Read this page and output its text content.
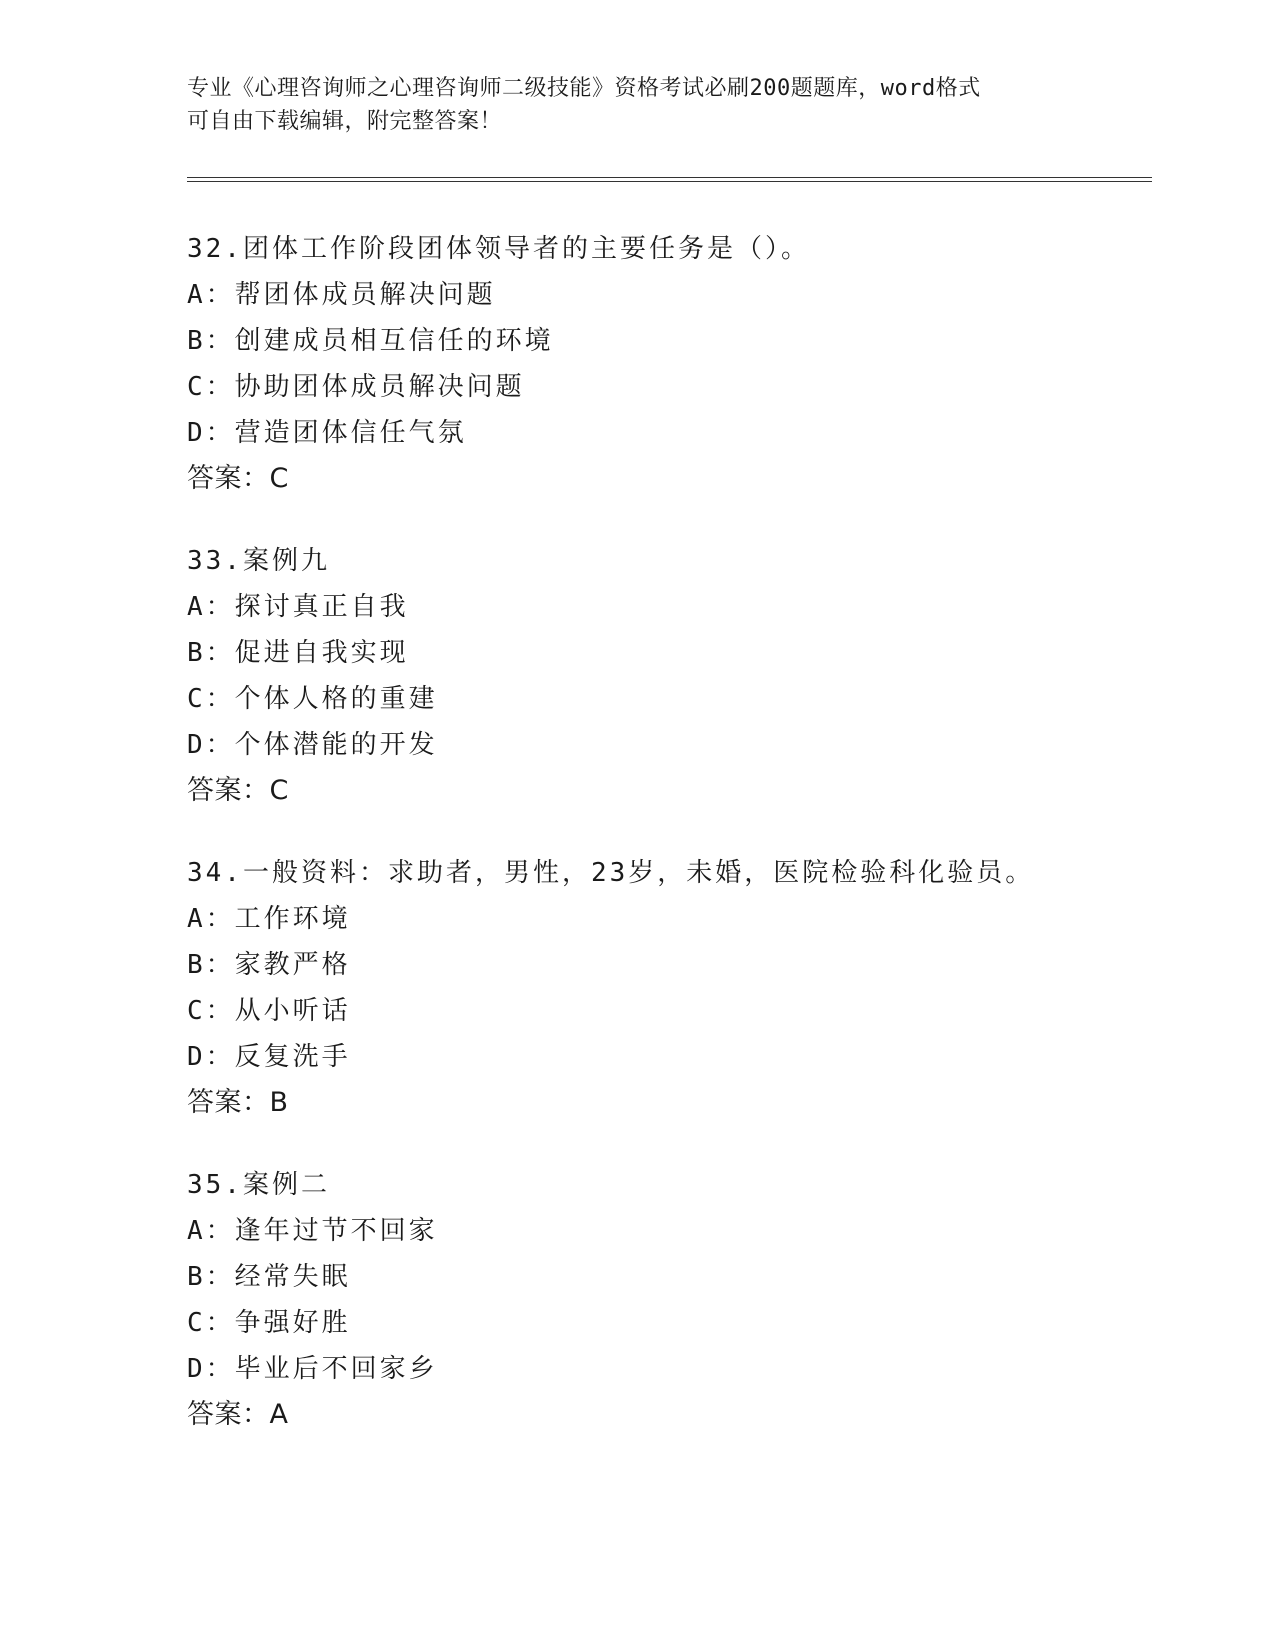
专业《心理咨询师之心理咨询师二级技能》资格考试必刷200题题库，word格式
可自由下载编辑，附完整答案！
32.团体工作阶段团体领导者的主要任务是（）。
A：帮团体成员解决问题
B：创建成员相互信任的环境
C：协助团体成员解决问题
D：营造团体信任气氛
答案：C
33.案例九
A：探讨真正自我
B：促进自我实现
C：个体人格的重建
D：个体潜能的开发
答案：C
34.一般资料：求助者，男性，23岁，未婚，医院检验科化验员。
A：工作环境
B：家教严格
C：从小听话
D：反复洗手
答案：B
35.案例二
A：逢年过节不回家
B：经常失眠
C：争强好胜
D：毕业后不回家乡
答案：A
